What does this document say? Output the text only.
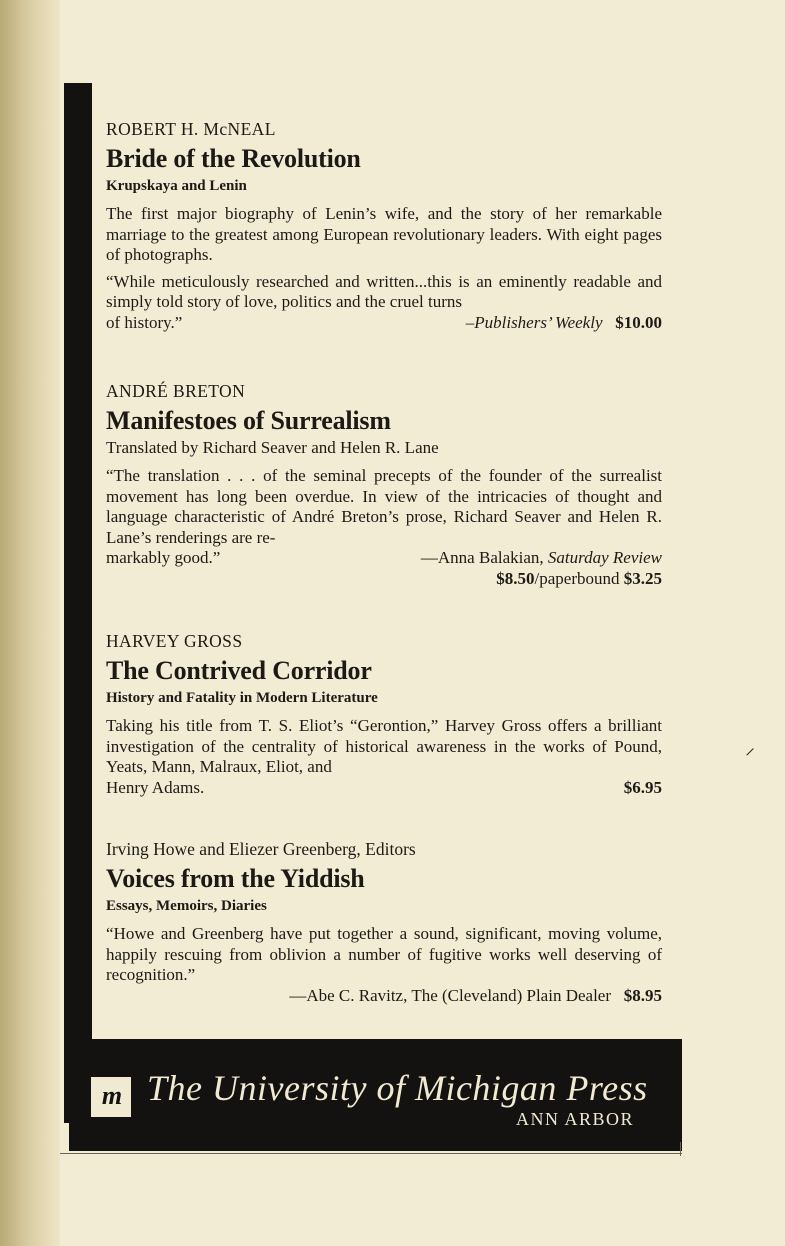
ROBERT H. McNEAL

Bride of the Revolution

Krupskaya and Lenin

The first major biography of Lenin’s wife, and the story of her remarkable marriage to the greatest among European revolutionary leaders. With eight pages of photographs.

“While meticulously researched and written...this is an eminently readable and simply told story of love, politics and the cruel turns
of history.”	–Publishers’ Weekly $10.00

ANDRÉ BRETON

Manifestoes of Surrealism

Translated by Richard Seaver and Helen R. Lane

“The translation . . . of the seminal precepts of the founder of the surrealist movement has long been overdue. In view of the intricacies of thought and language characteristic of André Breton’s prose, Richard Seaver and Helen R. Lane’s renderings are re-
markably good.”	—Anna Balakian, Saturday Review
$8.50/paperbound $3.25

HARVEY GROSS

The Contrived Corridor

History and Fatality in Modern Literature

Taking his title from T. S. Eliot’s “Gerontion,” Harvey Gross offers a brilliant investigation of the centrality of historical awareness in the works of Pound, Yeats, Mann, Malraux, Eliot, and

Henry Adams.	$6.95

Irving Howe and Eliezer Greenberg, Editors

Voices from the Yiddish

Essays, Memoirs, Diaries

“Howe and Greenberg have put together a sound, significant, moving volume, happily rescuing from oblivion a number of fugitive works well deserving of recognition.”

—Abe C. Ravitz, The (Cleveland) Plain Dealer $8.95
m The University of Michigan Press
ANN ARBOR
⸝
